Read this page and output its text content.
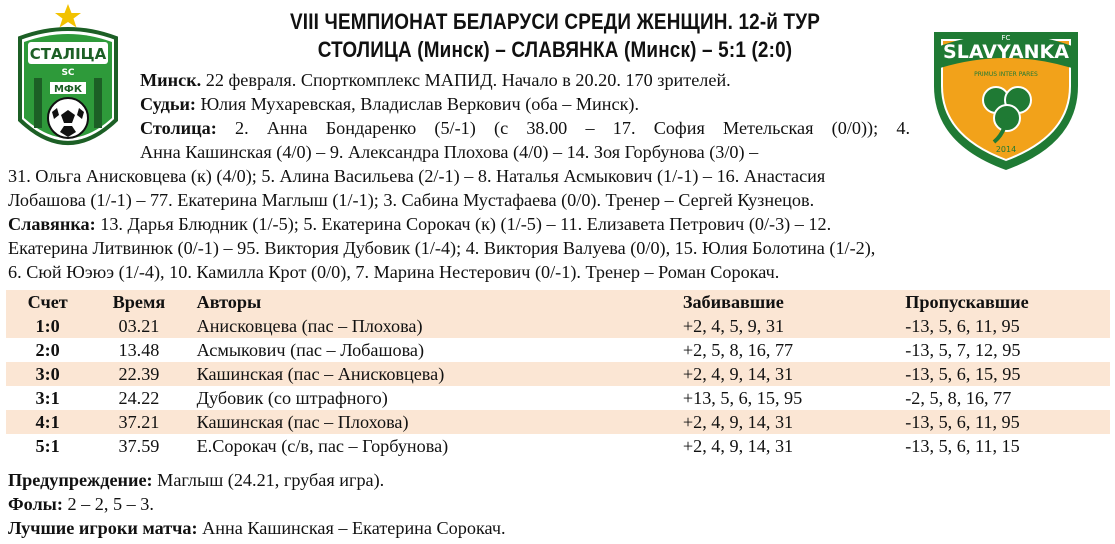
СТАЛІЦА
SC
МФК
VIII ЧЕМПИОНАТ БЕЛАРУСИ СРЕДИ ЖЕНЩИН. 12-й ТУР
СТОЛИЦА (Минск) – СЛАВЯНКА (Минск) – 5:1 (2:0)	FC
SLAVYANKA
PRIMUS INTER PARES
2014
Минск. 22 февраля. Спорткомплекс МАПИД. Начало в 20.20. 170 зрителей.
Судьи: Юлия Мухаревская, Владислав Веркович (оба – Минск).
Столица: 2. Анна Бондаренко (5/-1) (с 38.00 – 17. София Метельская (0/0)); 4.
Анна Кашинская (4/0) – 9. Александра Плохова (4/0) – 14. Зоя Горбунова (3/0) –
31. Ольга Анисковцева (к) (4/0); 5. Алина Васильева (2/-1) – 8. Наталья Асмыкович (1/-1) – 16. Анастасия
Лобашова (1/-1) – 77. Екатерина Маглыш (1/-1); 3. Сабина Мустафаева (0/0). Тренер – Сергей Кузнецов.
Славянка: 13. Дарья Блюдник (1/-5); 5. Екатерина Сорокач (к) (1/-5) – 11. Елизавета Петрович (0/-3) – 12.
Екатерина Литвинюк (0/-1) – 95. Виктория Дубовик (1/-4); 4. Виктория Валуева (0/0), 15. Юлия Болотина (1/-2),
6. Сюй Юэюэ (1/-4), 10. Камилла Крот (0/0), 7. Марина Нестерович (0/-1). Тренер – Роман Сорокач.
Счет	Время	Авторы	Забивавшие	Пропускавшие
1:0	03.21	Анисковцева (пас – Плохова)	+2, 4, 5, 9, 31	-13, 5, 6, 11, 95
2:0	13.48	Асмыкович (пас – Лобашова)	+2, 5, 8, 16, 77	-13, 5, 7, 12, 95
3:0	22.39	Кашинская (пас – Анисковцева)	+2, 4, 9, 14, 31	-13, 5, 6, 15, 95
3:1	24.22	Дубовик (со штрафного)	+13, 5, 6, 15, 95	-2, 5, 8, 16, 77
4:1	37.21	Кашинская (пас – Плохова)	+2, 4, 9, 14, 31	-13, 5, 6, 11, 95
5:1	37.59	Е.Сорокач (с/в, пас – Горбунова)	+2, 4, 9, 14, 31	-13, 5, 6, 11, 15
Предупреждение: Маглыш (24.21, грубая игра).
Фолы: 2 – 2, 5 – 3.
Лучшие игроки матча: Анна Кашинская – Екатерина Сорокач.
